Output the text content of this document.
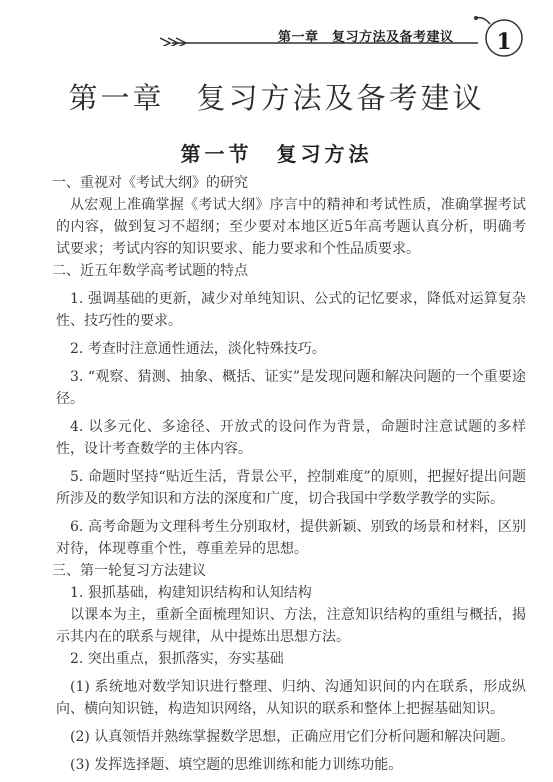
第一章　复习方法及备考建议	1
第一章　复习方法及备考建议
第一节　复习方法

一、重视对《考试大纲》的研究

从宏观上准确掌握《考试大纲》序言中的精神和考试性质，准确掌握考试的内容，做到复习不超纲；至少要对本地区近5年高考题认真分析，明确考试要求；考试内容的知识要求、能力要求和个性品质要求。

二、近五年数学高考试题的特点

1. 强调基础的更新，减少对单纯知识、公式的记忆要求，降低对运算复杂性、技巧性的要求。

2. 考查时注意通性通法，淡化特殊技巧。

3. “观察、猜测、抽象、概括、证实”是发现问题和解决问题的一个重要途径。

4. 以多元化、多途径、开放式的设问作为背景，命题时注意试题的多样性，设计考查数学的主体内容。

5. 命题时坚持“贴近生活，背景公平，控制难度”的原则，把握好提出问题所涉及的数学知识和方法的深度和广度，切合我国中学数学教学的实际。

6. 高考命题为文理科考生分别取材，提供新颖、别致的场景和材料，区别对待，体现尊重个性，尊重差异的思想。

三、第一轮复习方法建议

1. 狠抓基础，构建知识结构和认知结构

以课本为主，重新全面梳理知识、方法，注意知识结构的重组与概括，揭示其内在的联系与规律，从中提炼出思想方法。

2. 突出重点，狠抓落实，夯实基础

(1) 系统地对数学知识进行整理、归纳、沟通知识间的内在联系，形成纵向、横向知识链，构造知识网络，从知识的联系和整体上把握基础知识。

(2) 认真领悟并熟练掌握数学思想，正确应用它们分析问题和解决问题。

(3) 发挥选择题、填空题的思维训练和能力训练功能。
